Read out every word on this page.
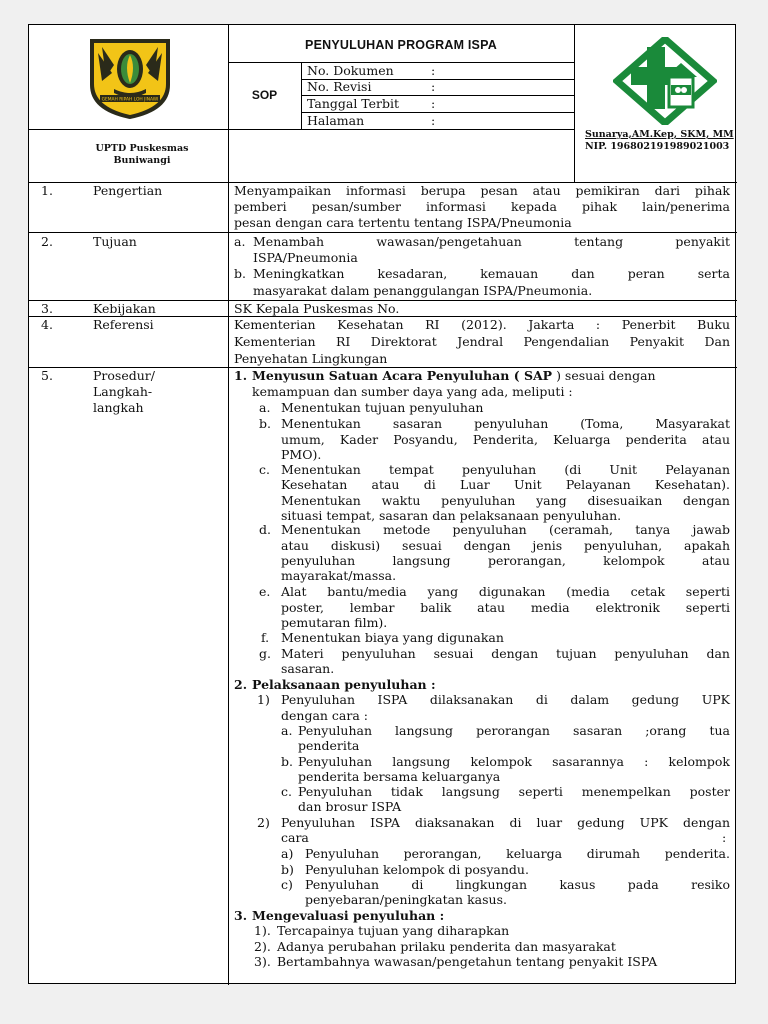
GEMAH RIPAH LOH JINAWI
UPTD Puskesmas
Buniwangi
PENYULUHAN PROGRAM ISPA
SOP
No. Dokumen	:
No. Revisi	:
Tanggal Terbit	:
Halaman	:
Sunarya,AM.Kep, SKM, MM
NIP. 196802191989021003
1.	Pengertian	Menyampaikan informasi berupa pesan atau pemikiran dari pihak
pemberi pesan/sumber informasi kepada pihak lain/penerima
pesan dengan cara tertentu tentang ISPA/Pneumonia
2.	Tujuan	a. Menambah wawasan/pengetahuan tentang penyakit
ISPA/Pneumonia
b. Meningkatkan kesadaran, kemauan dan peran serta
masyarakat dalam penanggulangan ISPA/Pneumonia.
3.	Kebijakan	SK Kepala Puskesmas No.
4.	Referensi	Kementerian Kesehatan RI (2012). Jakarta : Penerbit Buku
Kementerian RI Direktorat Jendral Pengendalian Penyakit Dan
Penyehatan Lingkungan
5.	Prosedur/
Langkah-
langkah
1. Menyusun Satuan Acara Penyuluhan ( SAP ) sesuai dengan
kemampuan dan sumber daya yang ada, meliputi :
a. Menentukan tujuan penyuluhan
b. Menentukan sasaran penyuluhan (Toma, Masyarakat
umum, Kader Posyandu, Penderita, Keluarga penderita atau
PMO).
c. Menentukan tempat penyuluhan (di Unit Pelayanan
Kesehatan atau di Luar Unit Pelayanan Kesehatan).
Menentukan waktu penyuluhan yang disesuaikan dengan
situasi tempat, sasaran dan pelaksanaan penyuluhan.
d. Menentukan metode penyuluhan (ceramah, tanya jawab
atau diskusi) sesuai dengan jenis penyuluhan, apakah
penyuluhan langsung perorangan, kelompok atau
mayarakat/massa.
e. Alat bantu/media yang digunakan (media cetak seperti
poster, lembar balik atau media elektronik seperti
pemutaran film).
f. Menentukan biaya yang digunakan
g. Materi penyuluhan sesuai dengan tujuan penyuluhan dan
sasaran.
2. Pelaksanaan penyuluhan :
1) Penyuluhan ISPA dilaksanakan di dalam gedung UPK
dengan cara :
a. Penyuluhan langsung perorangan sasaran ;orang tua
penderita
b. Penyuluhan langsung kelompok sasarannya : kelompok
penderita bersama keluarganya
c. Penyuluhan tidak langsung seperti menempelkan poster
dan brosur ISPA
2) Penyuluhan ISPA diaksanakan di luar gedung UPK dengan
cara	:
a) Penyuluhan perorangan, keluarga dirumah penderita.
b) Penyuluhan kelompok di posyandu.
c) Penyuluhan di lingkungan kasus pada resiko
penyebaran/peningkatan kasus.
3. Mengevaluasi penyuluhan :
1). Tercapainya tujuan yang diharapkan
2). Adanya perubahan prilaku penderita dan masyarakat
3). Bertambahnya wawasan/pengetahun tentang penyakit ISPA
